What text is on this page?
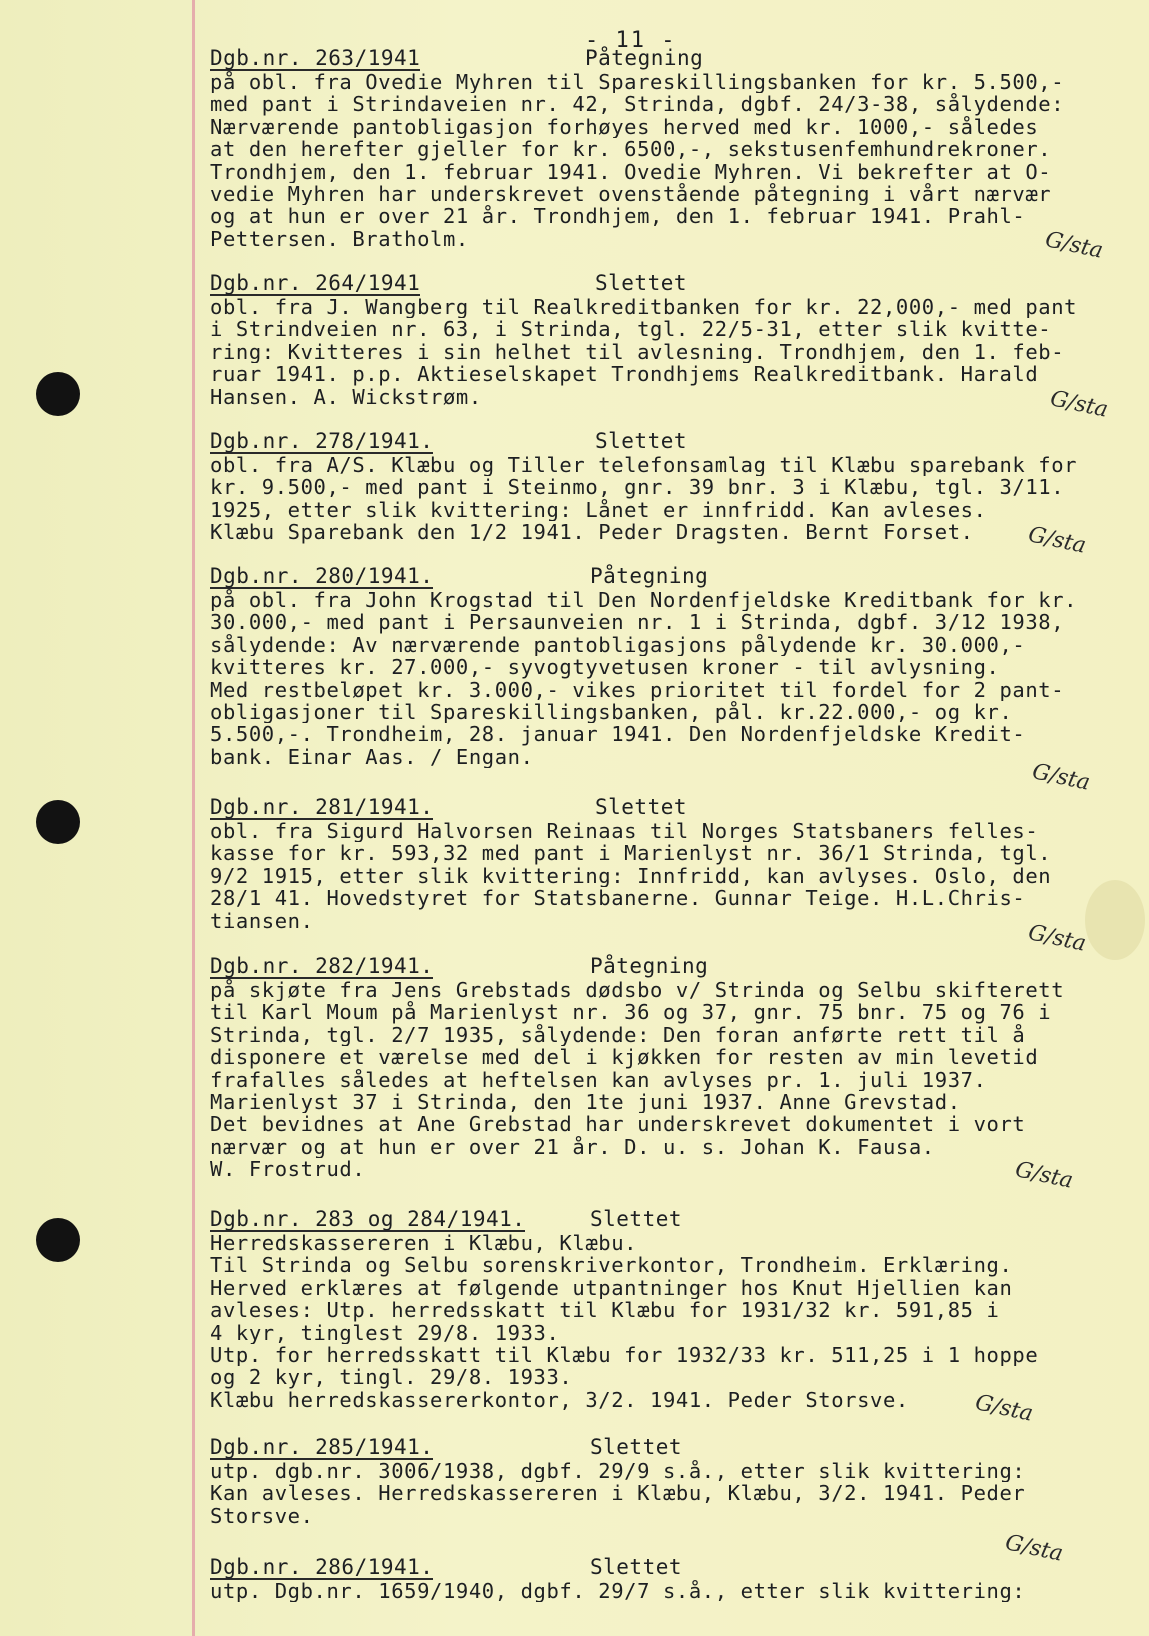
- 11 -
Dgb.nr. 263/1941	Påtegning
på obl. fra Ovedie Myhren til Spareskillingsbanken for kr. 5.500,-
med pant i Strindaveien nr. 42, Strinda, dgbf. 24/3-38, sålydende:
Nærværende pantobligasjon forhøyes herved med kr. 1000,- således
at den herefter gjeller for kr. 6500,-, sekstusenfemhundrekroner.
Trondhjem, den 1. februar 1941. Ovedie Myhren. Vi bekrefter at O-
vedie Myhren har underskrevet ovenstående påtegning i vårt nærvær
og at hun er over 21 år. Trondhjem, den 1. februar 1941. Prahl-
Pettersen. Bratholm.	G/sta
Dgb.nr. 264/1941	Slettet
obl. fra J. Wangberg til Realkreditbanken for kr. 22,000,- med pant
i Strindveien nr. 63, i Strinda, tgl. 22/5-31, etter slik kvitte-
ring: Kvitteres i sin helhet til avlesning. Trondhjem, den 1. feb-
ruar 1941. p.p. Aktieselskapet Trondhjems Realkreditbank. Harald
Hansen. A. Wickstrøm.	G/sta
Dgb.nr. 278/1941.	Slettet
obl. fra A/S. Klæbu og Tiller telefonsamlag til Klæbu sparebank for
kr. 9.500,- med pant i Steinmo, gnr. 39 bnr. 3 i Klæbu, tgl. 3/11.
1925, etter slik kvittering: Lånet er innfridd. Kan avleses.
Klæbu Sparebank den 1/2 1941. Peder Dragsten. Bernt Forset.	G/sta
Dgb.nr. 280/1941.	Påtegning
på obl. fra John Krogstad til Den Nordenfjeldske Kreditbank for kr.
30.000,- med pant i Persaunveien nr. 1 i Strinda, dgbf. 3/12 1938,
sålydende: Av nærværende pantobligasjons pålydende kr. 30.000,-
kvitteres kr. 27.000,- syvogtyvetusen kroner - til avlysning.
Med restbeløpet kr. 3.000,- vikes prioritet til fordel for 2 pant-
obligasjoner til Spareskillingsbanken, pål. kr.22.000,- og kr.
5.500,-. Trondheim, 28. januar 1941. Den Nordenfjeldske Kredit-
bank. Einar Aas. / Engan.
G/sta
Dgb.nr. 281/1941.	Slettet
obl. fra Sigurd Halvorsen Reinaas til Norges Statsbaners felles-
kasse for kr. 593,32 med pant i Marienlyst nr. 36/1 Strinda, tgl.
9/2 1915, etter slik kvittering: Innfridd, kan avlyses. Oslo, den
28/1 41. Hovedstyret for Statsbanerne. Gunnar Teige. H.L.Chris-
tiansen.	G/sta
Dgb.nr. 282/1941.	Påtegning
på skjøte fra Jens Grebstads dødsbo v/ Strinda og Selbu skifterett
til Karl Moum på Marienlyst nr. 36 og 37, gnr. 75 bnr. 75 og 76 i
Strinda, tgl. 2/7 1935, sålydende: Den foran anførte rett til å
disponere et værelse med del i kjøkken for resten av min levetid
frafalles således at heftelsen kan avlyses pr. 1. juli 1937.
Marienlyst 37 i Strinda, den 1te juni 1937. Anne Grevstad.
Det bevidnes at Ane Grebstad har underskrevet dokumentet i vort
nærvær og at hun er over 21 år. D. u. s. Johan K. Fausa.
W. Frostrud.	G/sta
Dgb.nr. 283 og 284/1941.	Slettet
Herredskassereren i Klæbu, Klæbu.
Til Strinda og Selbu sorenskriverkontor, Trondheim. Erklæring.
Herved erklæres at følgende utpantninger hos Knut Hjellien kan
avleses: Utp. herredsskatt til Klæbu for 1931/32 kr. 591,85 i
4 kyr, tinglest 29/8. 1933.
Utp. for herredsskatt til Klæbu for 1932/33 kr. 511,25 i 1 hoppe
og 2 kyr, tingl. 29/8. 1933.
Klæbu herredskassererkontor, 3/2. 1941. Peder Storsve.	G/sta
Dgb.nr. 285/1941.	Slettet
utp. dgb.nr. 3006/1938, dgbf. 29/9 s.å., etter slik kvittering:
Kan avleses. Herredskassereren i Klæbu, Klæbu, 3/2. 1941. Peder
Storsve.
G/sta
Dgb.nr. 286/1941.	Slettet
utp. Dgb.nr. 1659/1940, dgbf. 29/7 s.å., etter slik kvittering:
